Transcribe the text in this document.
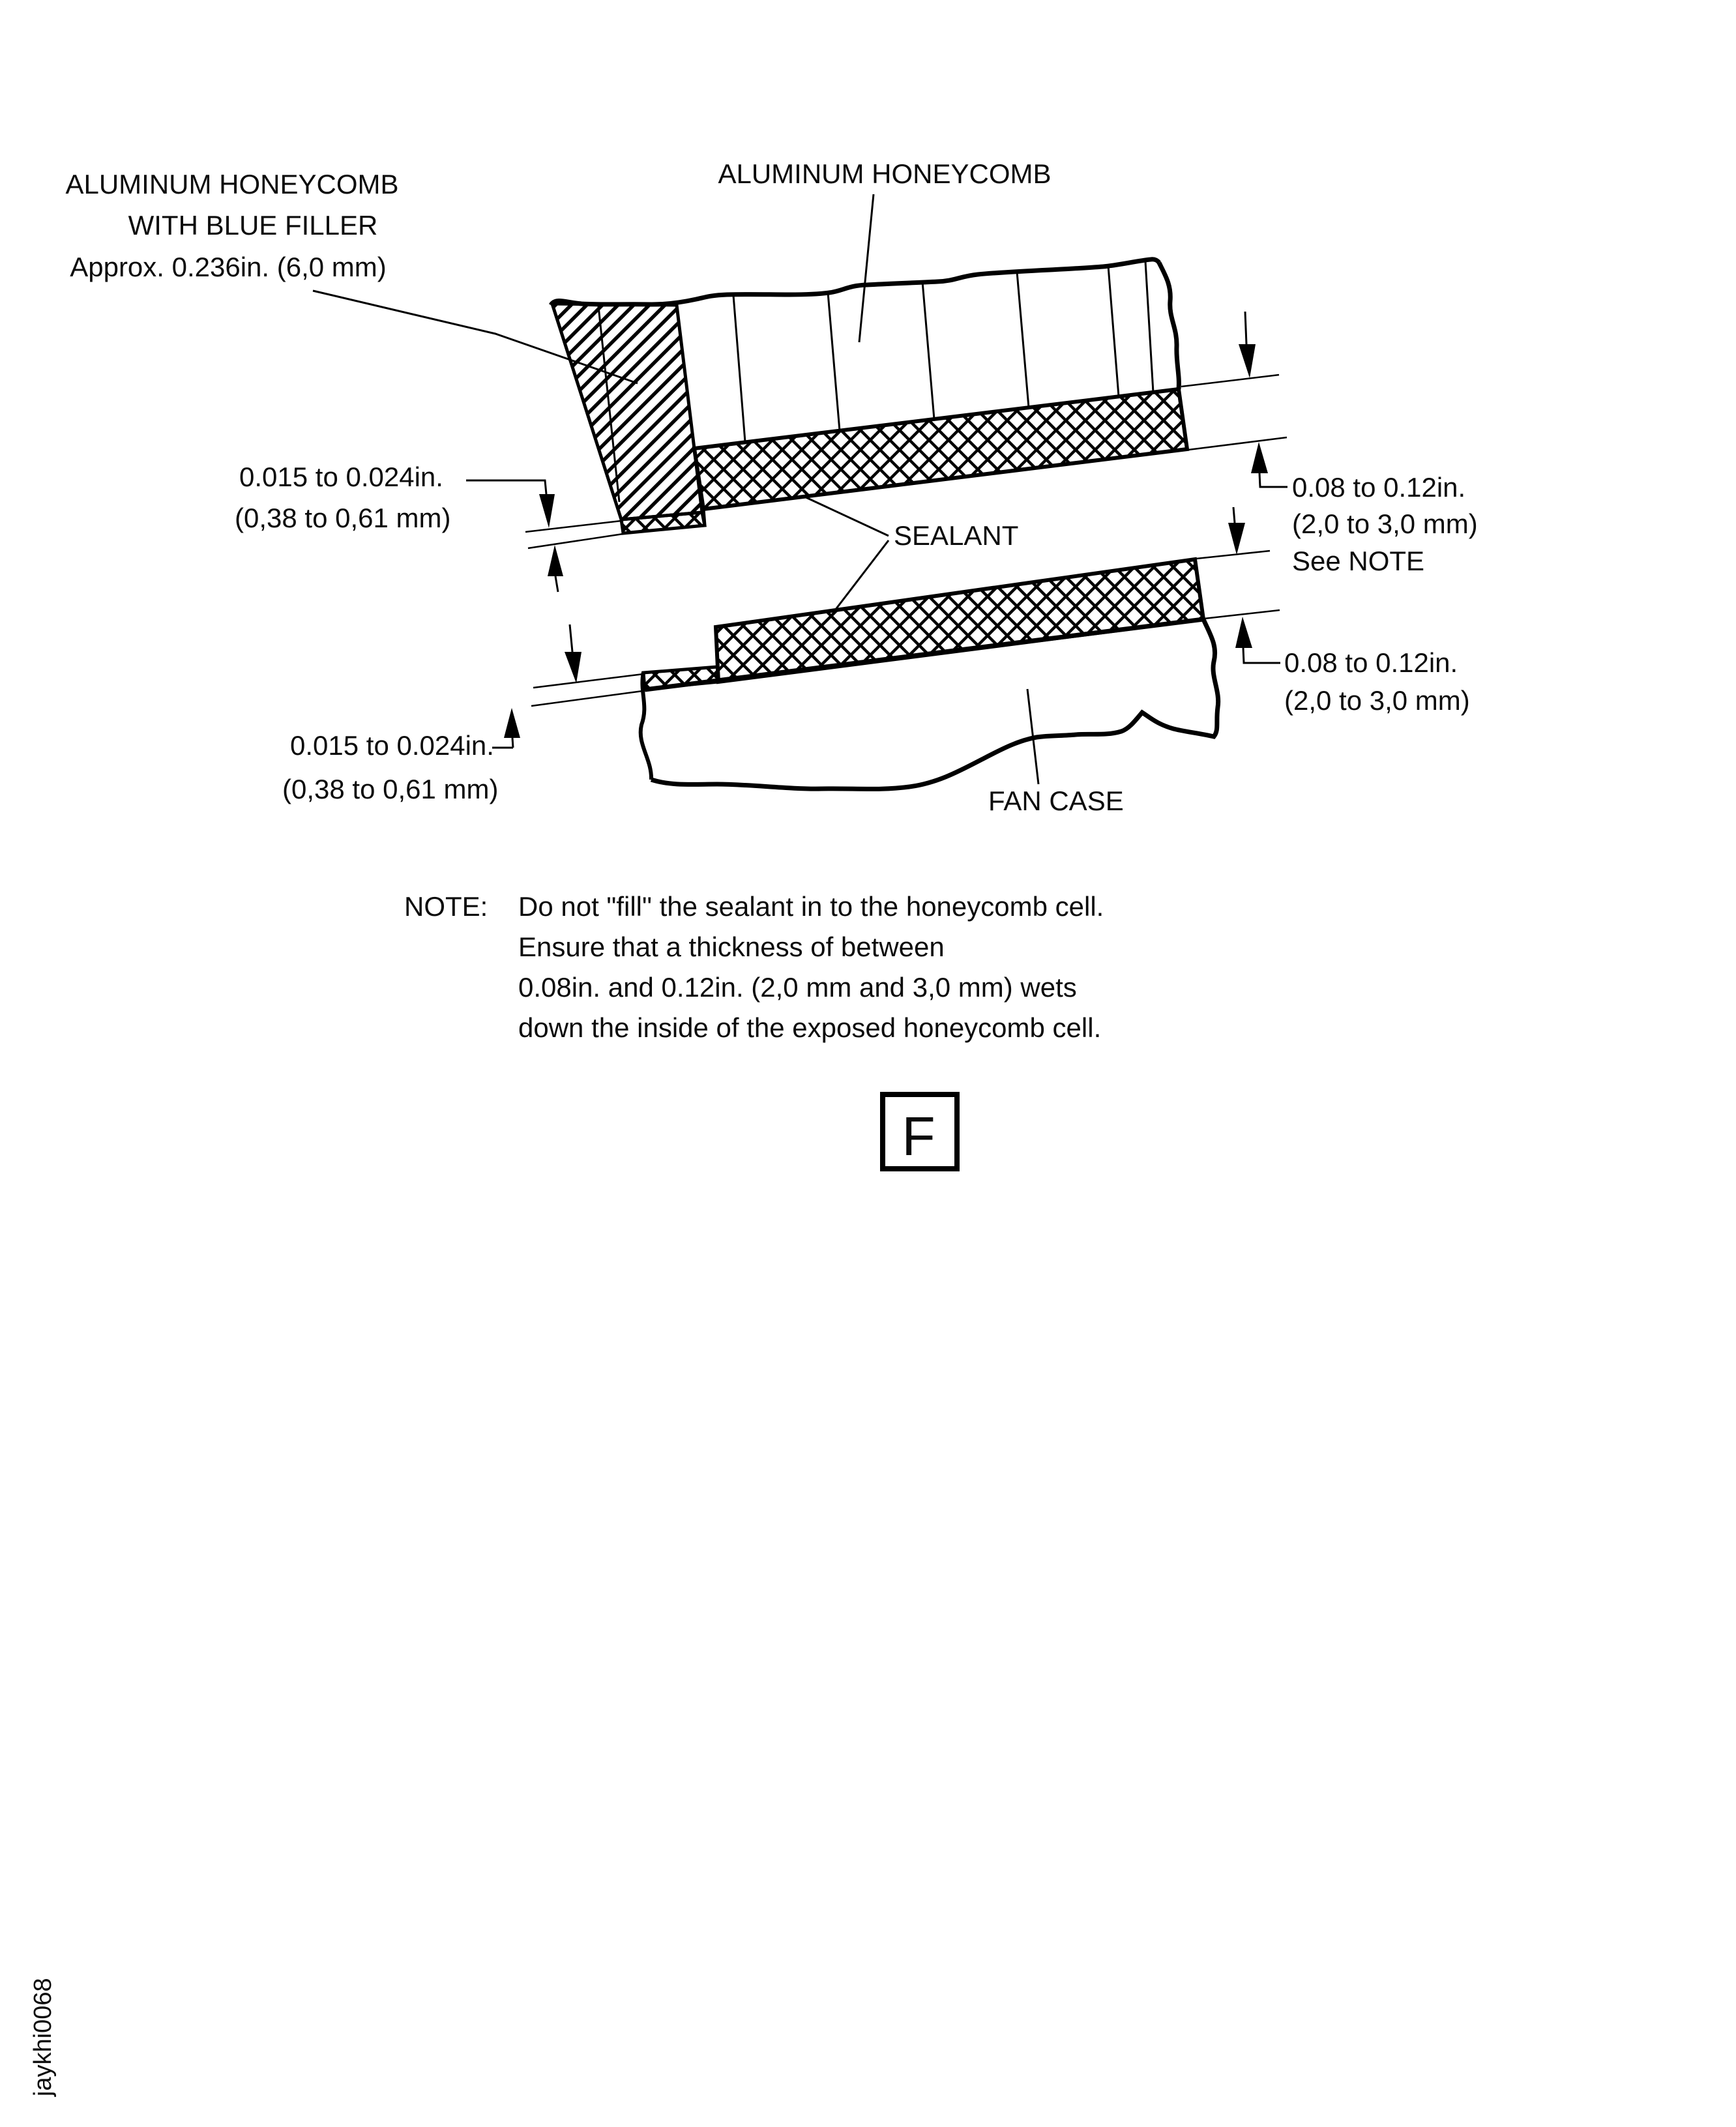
ALUMINUM HONEYCOMB
WITH BLUE FILLER
Approx. 0.236in. (6,0 mm)
ALUMINUM HONEYCOMB
0.015 to 0.024in.
(0,38 to 0,61 mm)
0.08 to 0.12in.
(2,0 to 3,0 mm)
See NOTE
SEALANT
0.08 to 0.12in.
(2,0 to 3,0 mm)
0.015 to 0.024in.
(0,38 to 0,61 mm)	FAN CASE
NOTE: Do not "fill" the sealant in to the honeycomb cell.
Ensure that a thickness of between
0.08in. and 0.12in. (2,0 mm and 3,0 mm) wets
down the inside of the exposed honeycomb cell.
F
jaykhi0068
